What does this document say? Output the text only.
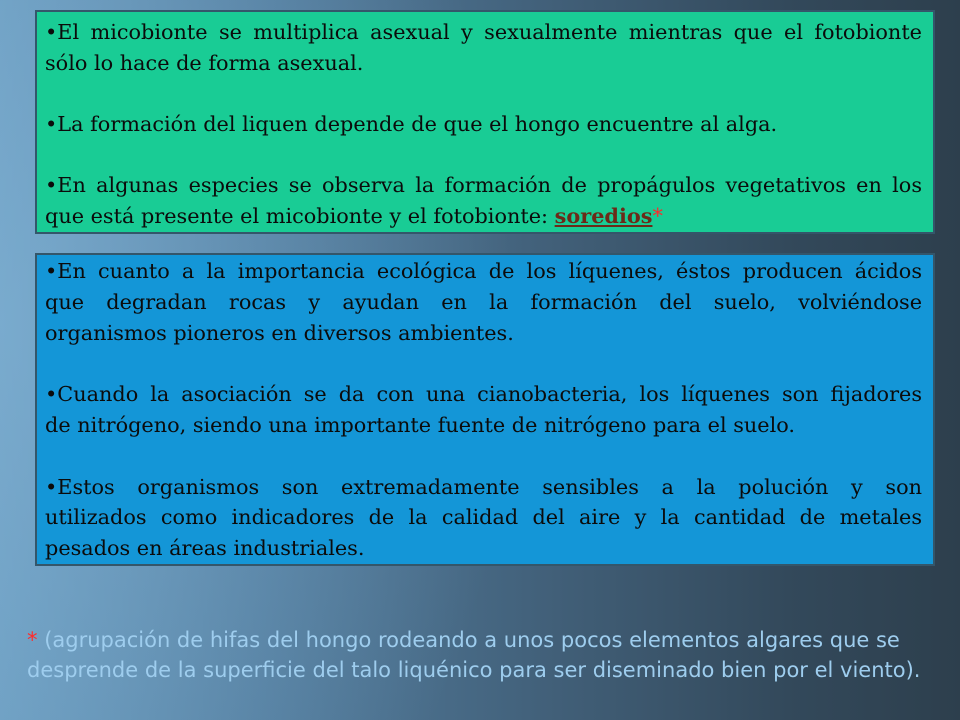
•El micobionte se multiplica asexual y sexualmente mientras que el fotobionte
sólo lo hace de forma asexual.
•La formación del liquen depende de que el hongo encuentre al alga.
•En algunas especies se observa la formación de propágulos vegetativos en los
que está presente el micobionte y el fotobionte: soredios*
•En cuanto a la importancia ecológica de los líquenes, éstos producen ácidos
que degradan rocas y ayudan en la formación del suelo, volviéndose
organismos pioneros en diversos ambientes.
•Cuando la asociación se da con una cianobacteria, los líquenes son fijadores
de nitrógeno, siendo una importante fuente de nitrógeno para el suelo.
•Estos organismos son extremadamente sensibles a la polución y son
utilizados como indicadores de la calidad del aire y la cantidad de metales
pesados en áreas industriales.
* (agrupación de hifas del hongo rodeando a unos pocos elementos algares que se
desprende de la superficie del talo liquénico para ser diseminado bien por el viento).
